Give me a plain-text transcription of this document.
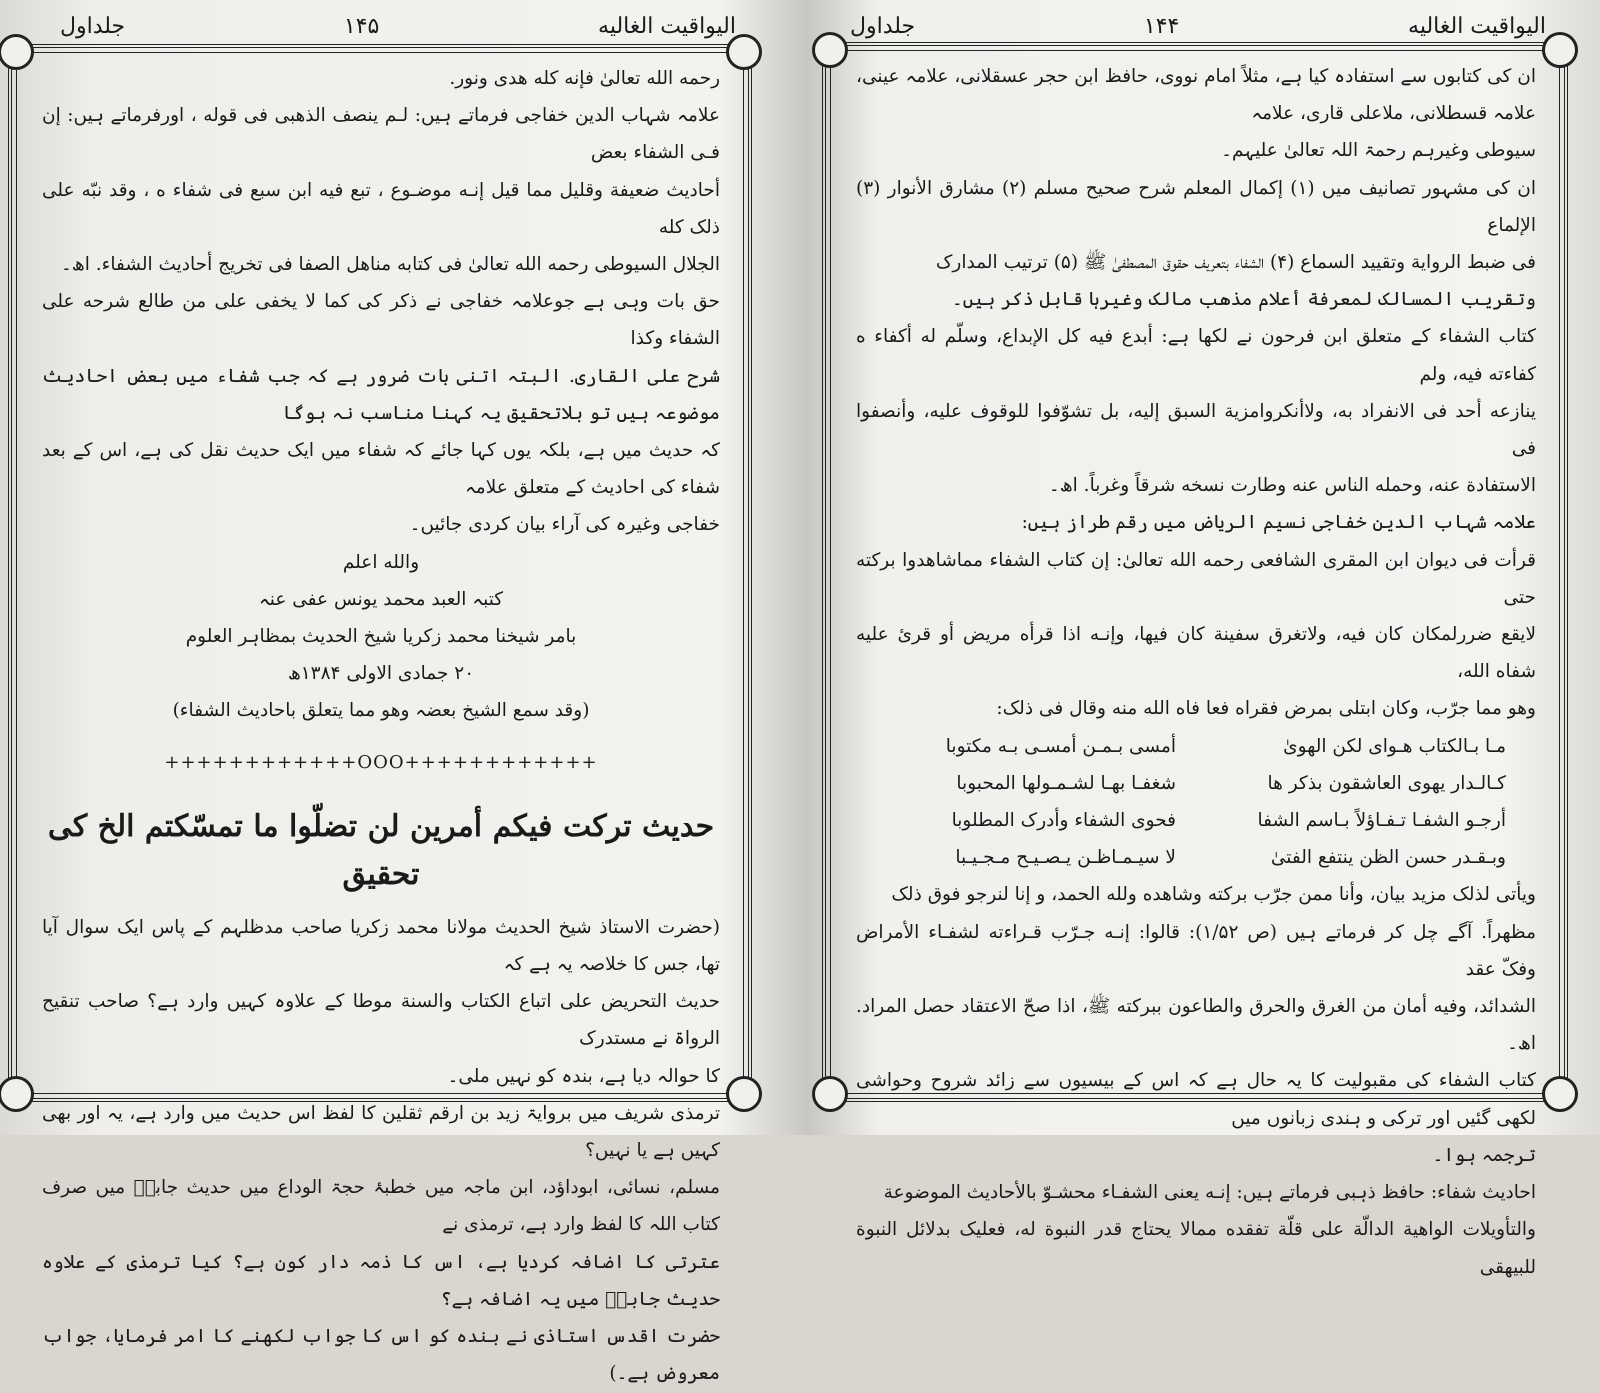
اليواقيت الغاليه
۱۴۵
جلداول

رحمه الله تعالىٰ فإنه كله هدى ونور.

علامہ شہاب الدین خفاجی فرماتے ہیں: لـم ينصف الذهبی فی قوله ، اورفرماتے ہیں: إن فـی الشفاء بعض

أحاديث ضعيفة وقليل مما قيل إنـه موضـوع ، تبع فيه ابن سبع فی شفاء ه ، وقد نبّه علی ذلک کله

الجلال السيوطی رحمه الله تعالیٰ فی كتابه مناهل الصفا فی تخريج أحاديث الشفاء. اھ۔

حق بات وہی ہے جوعلامہ خفاجی نے ذکر کی کما لا یخفی علی من طالع شرحه علی الشفاء وكذا

شرح علی القاری. البتہ اتنی بات ضرور ہے کہ جب شفاء میں بعض احادیث موضوعہ ہیں تو بلاتحقیق یہ کہنا مناسب نہ ہوگا

کہ حدیث میں ہے، بلکہ یوں کہا جائے کہ شفاء میں ایک حدیث نقل کی ہے، اس کے بعد شفاء کی احادیث کے متعلق علامہ

خفاجی وغیرہ کی آراء بیان کردی جائیں۔

والله اعلم

کتبہ العبد محمد یونس عفی عنہ

بامر شیخنا محمد زکریا شیخ الحدیث بمظاہر العلوم

۲۰ جمادی الاولی ۱۳۸۴ھ

(وقد سمع الشیخ بعضہ وهو مما یتعلق باحادیث الشفاء)

++++++++++++OOO++++++++++++
حدیث ترکت فیکم أمرين لن تضلّوا ما تمسّکتم الخ کی تحقیق

(حضرت الاستاذ شیخ الحدیث مولانا محمد زکریا صاحب مدظلہم کے پاس ایک سوال آیا تھا، جس کا خلاصہ یہ ہے کہ

حدیث التحريض علی اتباع الكتاب والسنة موطا کے علاوہ کہیں وارد ہے؟ صاحب تنقیح الرواۃ نے مستدرک

کا حوالہ دیا ہے، بندہ کو نہیں ملی۔

ترمذی شریف میں بروایۃ زید بن ارقم ثقلین کا لفظ اس حدیث میں وارد ہے، یہ اور بھی کہیں ہے یا نہیں؟

مسلم، نسائی، ابوداؤد، ابن ماجہ میں خطبۂ حجۃ الوداع میں حدیث جابرؓ میں صرف کتاب اللہ کا لفظ وارد ہے، ترمذی نے

عترتی کا اضافہ کردیا ہے، اس کا ذمہ دار کون ہے؟ کیا ترمذی کے علاوہ حدیث جابرؓ میں یہ اضافہ ہے؟

حضرت اقدس استاذی نے بندہ کو اس کا جواب لکھنے کا امر فرمایا، جواب معروض ہے۔)

اليواقيت الغاليه
۱۴۴
جلداول

ان کی کتابوں سے استفادہ کیا ہے، مثلاً امام نووی، حافظ ابن حجر عسقلانی، علامہ عینی، علامہ قسطلانی، ملاعلی قاری، علامہ

سیوطی وغیرہم رحمۃ اللہ تعالیٰ علیہم۔

ان کی مشہور تصانیف میں (۱) إکمال المعلم شرح صحيح مسلم (۲) مشارق الأنوار (۳) الإلماع

فی ضبط الرواية وتقييد السماع (۴) الشفاء بتعريف حقوق المصطفیٰ ﷺ (۵) ترتيب المدارک

وتقريب المسالک لمعرفة أعلام مذهب مالک وغیرہا قابل ذکر ہیں۔

کتاب الشفاء کے متعلق ابن فرحون نے لکھا ہے: أبدع فيه كل الإبداع، وسلّم له أكفاء ه كفاءته فيه، ولم

ينازعه أحد فی الانفراد به، ولاأنكروامزية السبق إليه، بل تشوّفوا للوقوف عليه، وأنصفوا فی

الاستفادة عنه، وحمله الناس عنه وطارت نسخه شرقاً وغرباً. اھ۔

علامہ شہاب الدین خفاجی نسیم الریاض میں رقم طراز ہیں:

قرأت فی ديوان ابن المقری الشافعی رحمه الله تعالیٰ: إن كتاب الشفاء مماشاهدوا بركته حتى

لايقع ضررلمكان كان فيه، ولاتغرق سفينة كان فيها، وإنـه اذا قرأه مريض أو قرئ عليه شفاه الله،

وهو مما جرّب، وكان ابتلی بمرض فقراه فعا فاه الله منه وقال فی ذلک:

مـا بـالكتاب هـوای لكن الهوىٰ
أمسی بـمـن أمسـی بـه مكتوبا
كـالـدار يهوى العاشقون بذكر ها
شغفـا بهـا لشـمـولها المحبوبا
أرجـو الشفـا تـفـاؤلاً بـاسم الشفا
فحوى الشفاء وأدرک المطلوبا
وبـقـدر حسن الظن ينتفع الفتیٰ
لا سيـمـاظـن يـصـيـح مـجـيـبا

ويأتی لذلک مزيد بيان، وأنا ممن جرّب بركته وشاهده ولله الحمد، و إنا لنرجو فوق ذلک

مظهراً. آگے چل کر فرماتے ہیں (ص ۱/۵۲): قالوا: إنـه جـرّب قـراءته لشفـاء الأمراض وفکّ عقد

الشدائد، وفيه أمان من الغرق والحرق والطاعون ببركته ﷺ، اذا صحّ الاعتقاد حصل المراد. اھ۔

کتاب الشفاء کی مقبولیت کا یہ حال ہے کہ اس کے بیسیوں سے زائد شروح وحواشی لکھی گئیں اور ترکی و ہندی زبانوں میں

ترجمہ ہوا۔

احادیث شفاء: حافظ ذہبی فرماتے ہیں: إنـه يعنی الشفـاء محشـوّ بالأحاديث الموضوعة

والتأويلات الواهية الدالّة علی قلّة تفقده ممالا يحتاج قدر النبوة له، فعليک بدلائل النبوة للبيهقی
